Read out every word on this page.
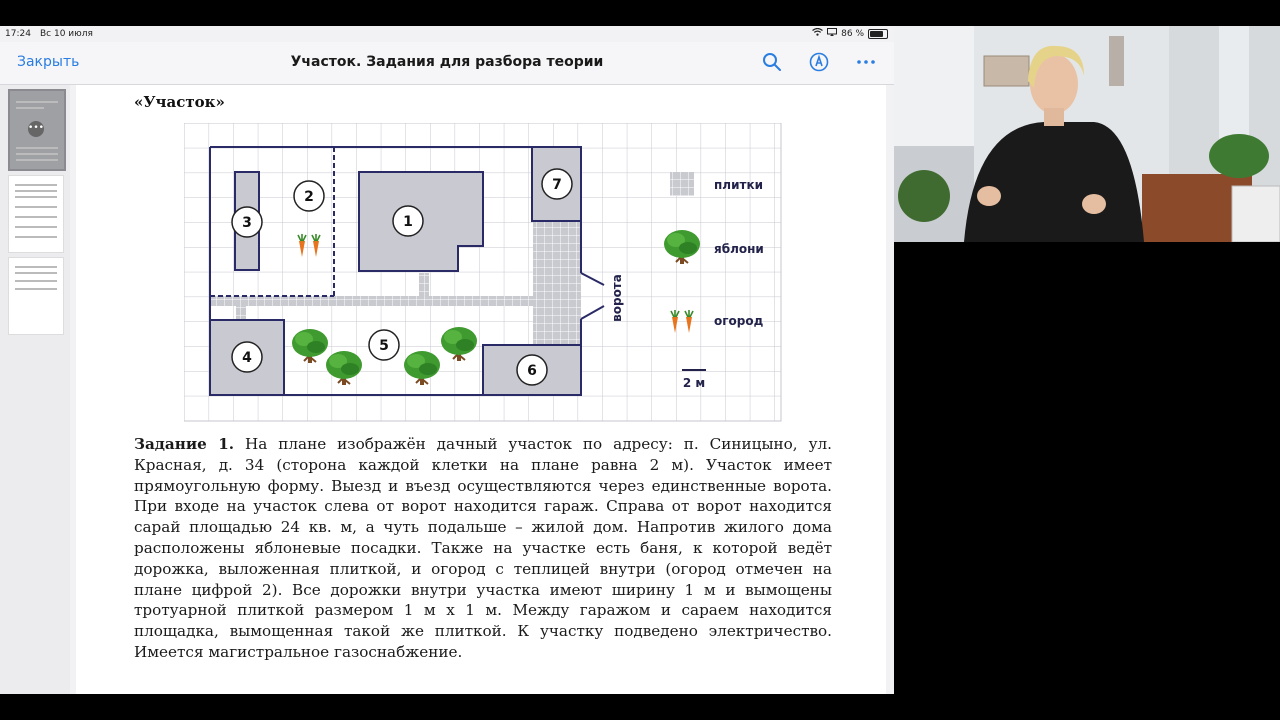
17:24 Вс 10 июля	86 %
Закрыть	Участок. Задания для разбора теории
•••
«Участок»
ворота
1
2
3
4
5
6
7	плитки
яблони
огород
2 м
Задание 1. На плане изображён дачный участок по адресу: п. Синицыно, ул. Красная, д. 34 (сторона каждой клетки на плане равна 2 м). Участок имеет прямоугольную форму. Выезд и въезд осуществляются через единственные ворота. При входе на участок слева от ворот находится гараж. Справа от ворот находится сарай площадью 24 кв. м, а чуть подальше – жилой дом. Напротив жилого дома расположены яблоневые посадки. Также на участке есть баня, к которой ведёт дорожка, выложенная плиткой, и огород с теплицей внутри (огород отмечен на плане цифрой 2). Все дорожки внутри участка имеют ширину 1 м и вымощены тротуарной плиткой размером 1 м х 1 м. Между гаражом и сараем находится площадка, вымощенная такой же плиткой. К участку подведено электричество. Имеется магистральное газоснабжение.
